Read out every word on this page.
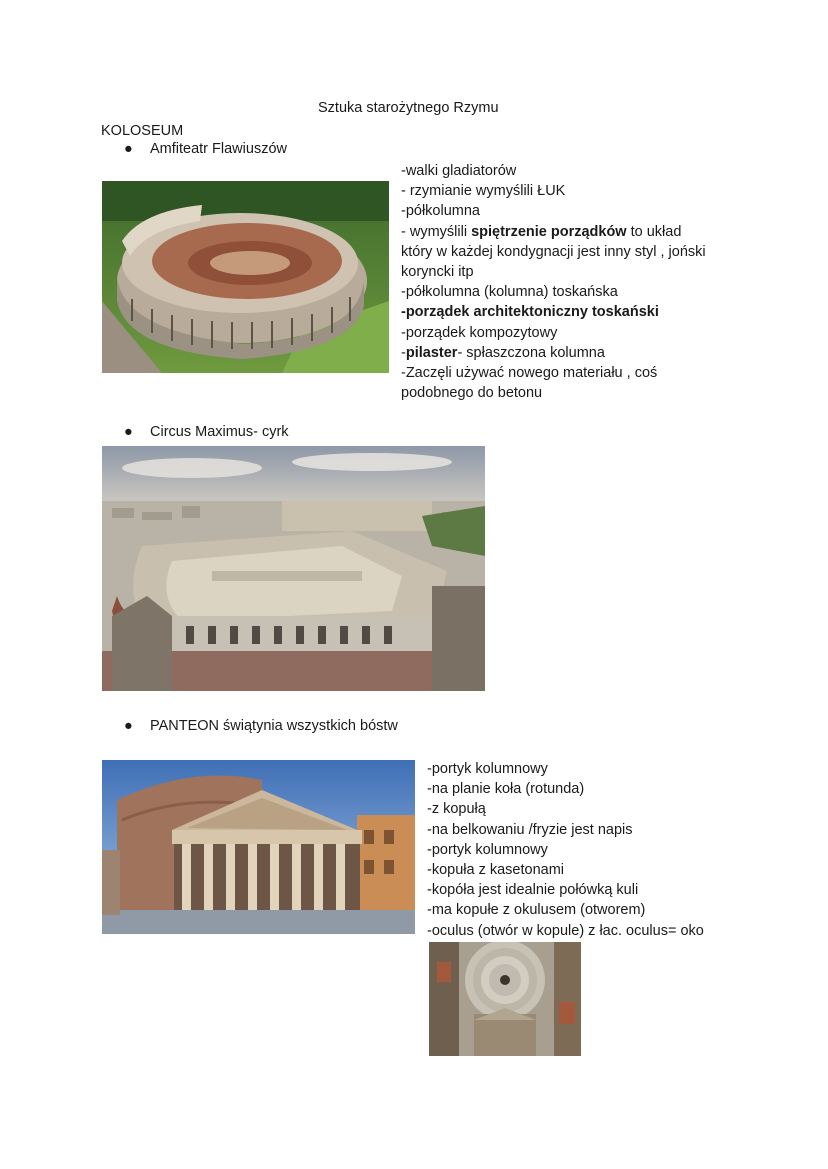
Sztuka starożytnego Rzymu
KOLOSEUM
● Amfiteatr Flawiuszów
-walki gladiatorów
- rzymianie wymyślili ŁUK
-półkolumna
- wymyślili spiętrzenie porządków to układ
który w każdej kondygnacji jest inny styl , joński
koryncki itp
-półkolumna (kolumna) toskańska
-porządek architektoniczny toskański
-porządek kompozytowy
-pilaster- spłaszczona kolumna
-Zaczęli używać nowego materiału , coś
podobnego do betonu
● Circus Maximus- cyrk
● PANTEON świątynia wszystkich bóstw
-portyk kolumnowy
-na planie koła (rotunda)
-z kopułą
-na belkowaniu /fryzie jest napis
-portyk kolumnowy
-kopuła z kasetonami
-kopóła jest idealnie połówką kuli
-ma kopułe z okulusem (otworem)
-oculus (otwór w kopule) z łac. oculus= oko
